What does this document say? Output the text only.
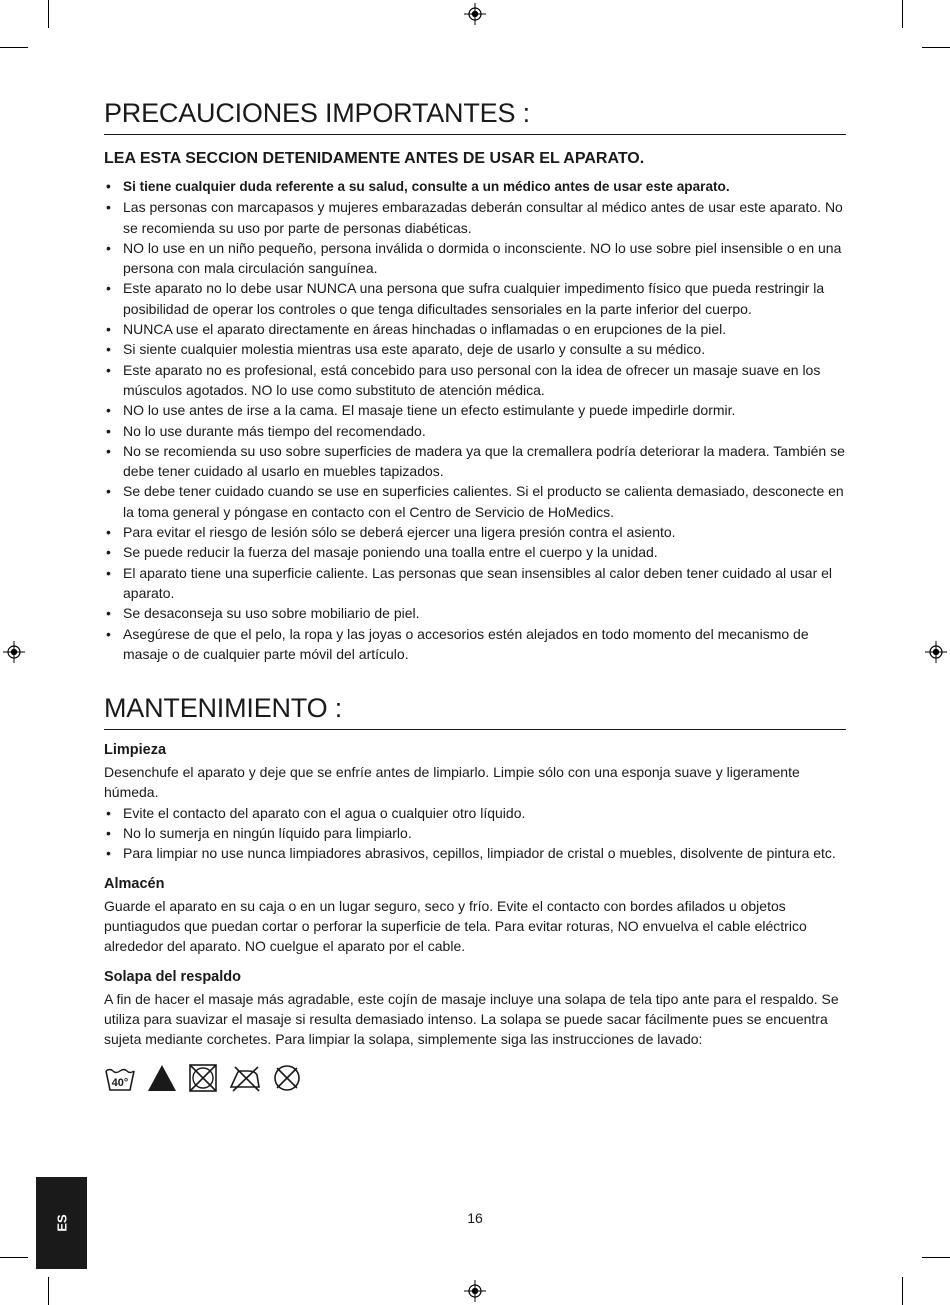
PRECAUCIONES IMPORTANTES :
LEA ESTA SECCION DETENIDAMENTE ANTES DE USAR EL APARATO.
• Si tiene cualquier duda referente a su salud, consulte a un médico antes de usar este aparato.
• Las personas con marcapasos y mujeres embarazadas deberán consultar al médico antes de usar este aparato. No se recomienda su uso por parte de personas diabéticas.
• NO lo use en un niño pequeño, persona inválida o dormida o inconsciente. NO lo use sobre piel insensible o en una persona con mala circulación sanguínea.
• Este aparato no lo debe usar NUNCA una persona que sufra cualquier impedimento físico que pueda restringir la posibilidad de operar los controles o que tenga dificultades sensoriales en la parte inferior del cuerpo.
• NUNCA use el aparato directamente en áreas hinchadas o inflamadas o en erupciones de la piel.
• Si siente cualquier molestia mientras usa este aparato, deje de usarlo y consulte a su médico.
• Este aparato no es profesional, está concebido para uso personal con la idea de ofrecer un masaje suave en los músculos agotados. NO lo use como substituto de atención médica.
• NO lo use antes de irse a la cama. El masaje tiene un efecto estimulante y puede impedirle dormir.
• No lo use durante más tiempo del recomendado.
• No se recomienda su uso sobre superficies de madera ya que la cremallera podría deteriorar la madera. También se debe tener cuidado al usarlo en muebles tapizados.
• Se debe tener cuidado cuando se use en superficies calientes. Si el producto se calienta demasiado, desconecte en la toma general y póngase en contacto con el Centro de Servicio de HoMedics.
• Para evitar el riesgo de lesión sólo se deberá ejercer una ligera presión contra el asiento.
• Se puede reducir la fuerza del masaje poniendo una toalla entre el cuerpo y la unidad.
• El aparato tiene una superficie caliente. Las personas que sean insensibles al calor deben tener cuidado al usar el aparato.
• Se desaconseja su uso sobre mobiliario de piel.
• Asegúrese de que el pelo, la ropa y las joyas o accesorios estén alejados en todo momento del mecanismo de masaje o de cualquier parte móvil del artículo.
MANTENIMIENTO :
Limpieza

Desenchufe el aparato y deje que se enfríe antes de limpiarlo. Limpie sólo con una esponja suave y ligeramente húmeda.

• Evite el contacto del aparato con el agua o cualquier otro líquido.
• No lo sumerja en ningún líquido para limpiarlo.
• Para limpiar no use nunca limpiadores abrasivos, cepillos, limpiador de cristal o muebles, disolvente de pintura etc.
Almacén

Guarde el aparato en su caja o en un lugar seguro, seco y frío. Evite el contacto con bordes afilados u objetos puntiagudos que puedan cortar o perforar la superficie de tela. Para evitar roturas, NO envuelva el cable eléctrico alrededor del aparato. NO cuelgue el aparato por el cable.

Solapa del respaldo

A fin de hacer el masaje más agradable, este cojín de masaje incluye una solapa de tela tipo ante para el respaldo. Se utiliza para suavizar el masaje si resulta demasiado intenso. La solapa se puede sacar fácilmente pues se encuentra sujeta mediante corchetes. Para limpiar la solapa, simplemente siga las instrucciones de lavado:

40°
ES	16
